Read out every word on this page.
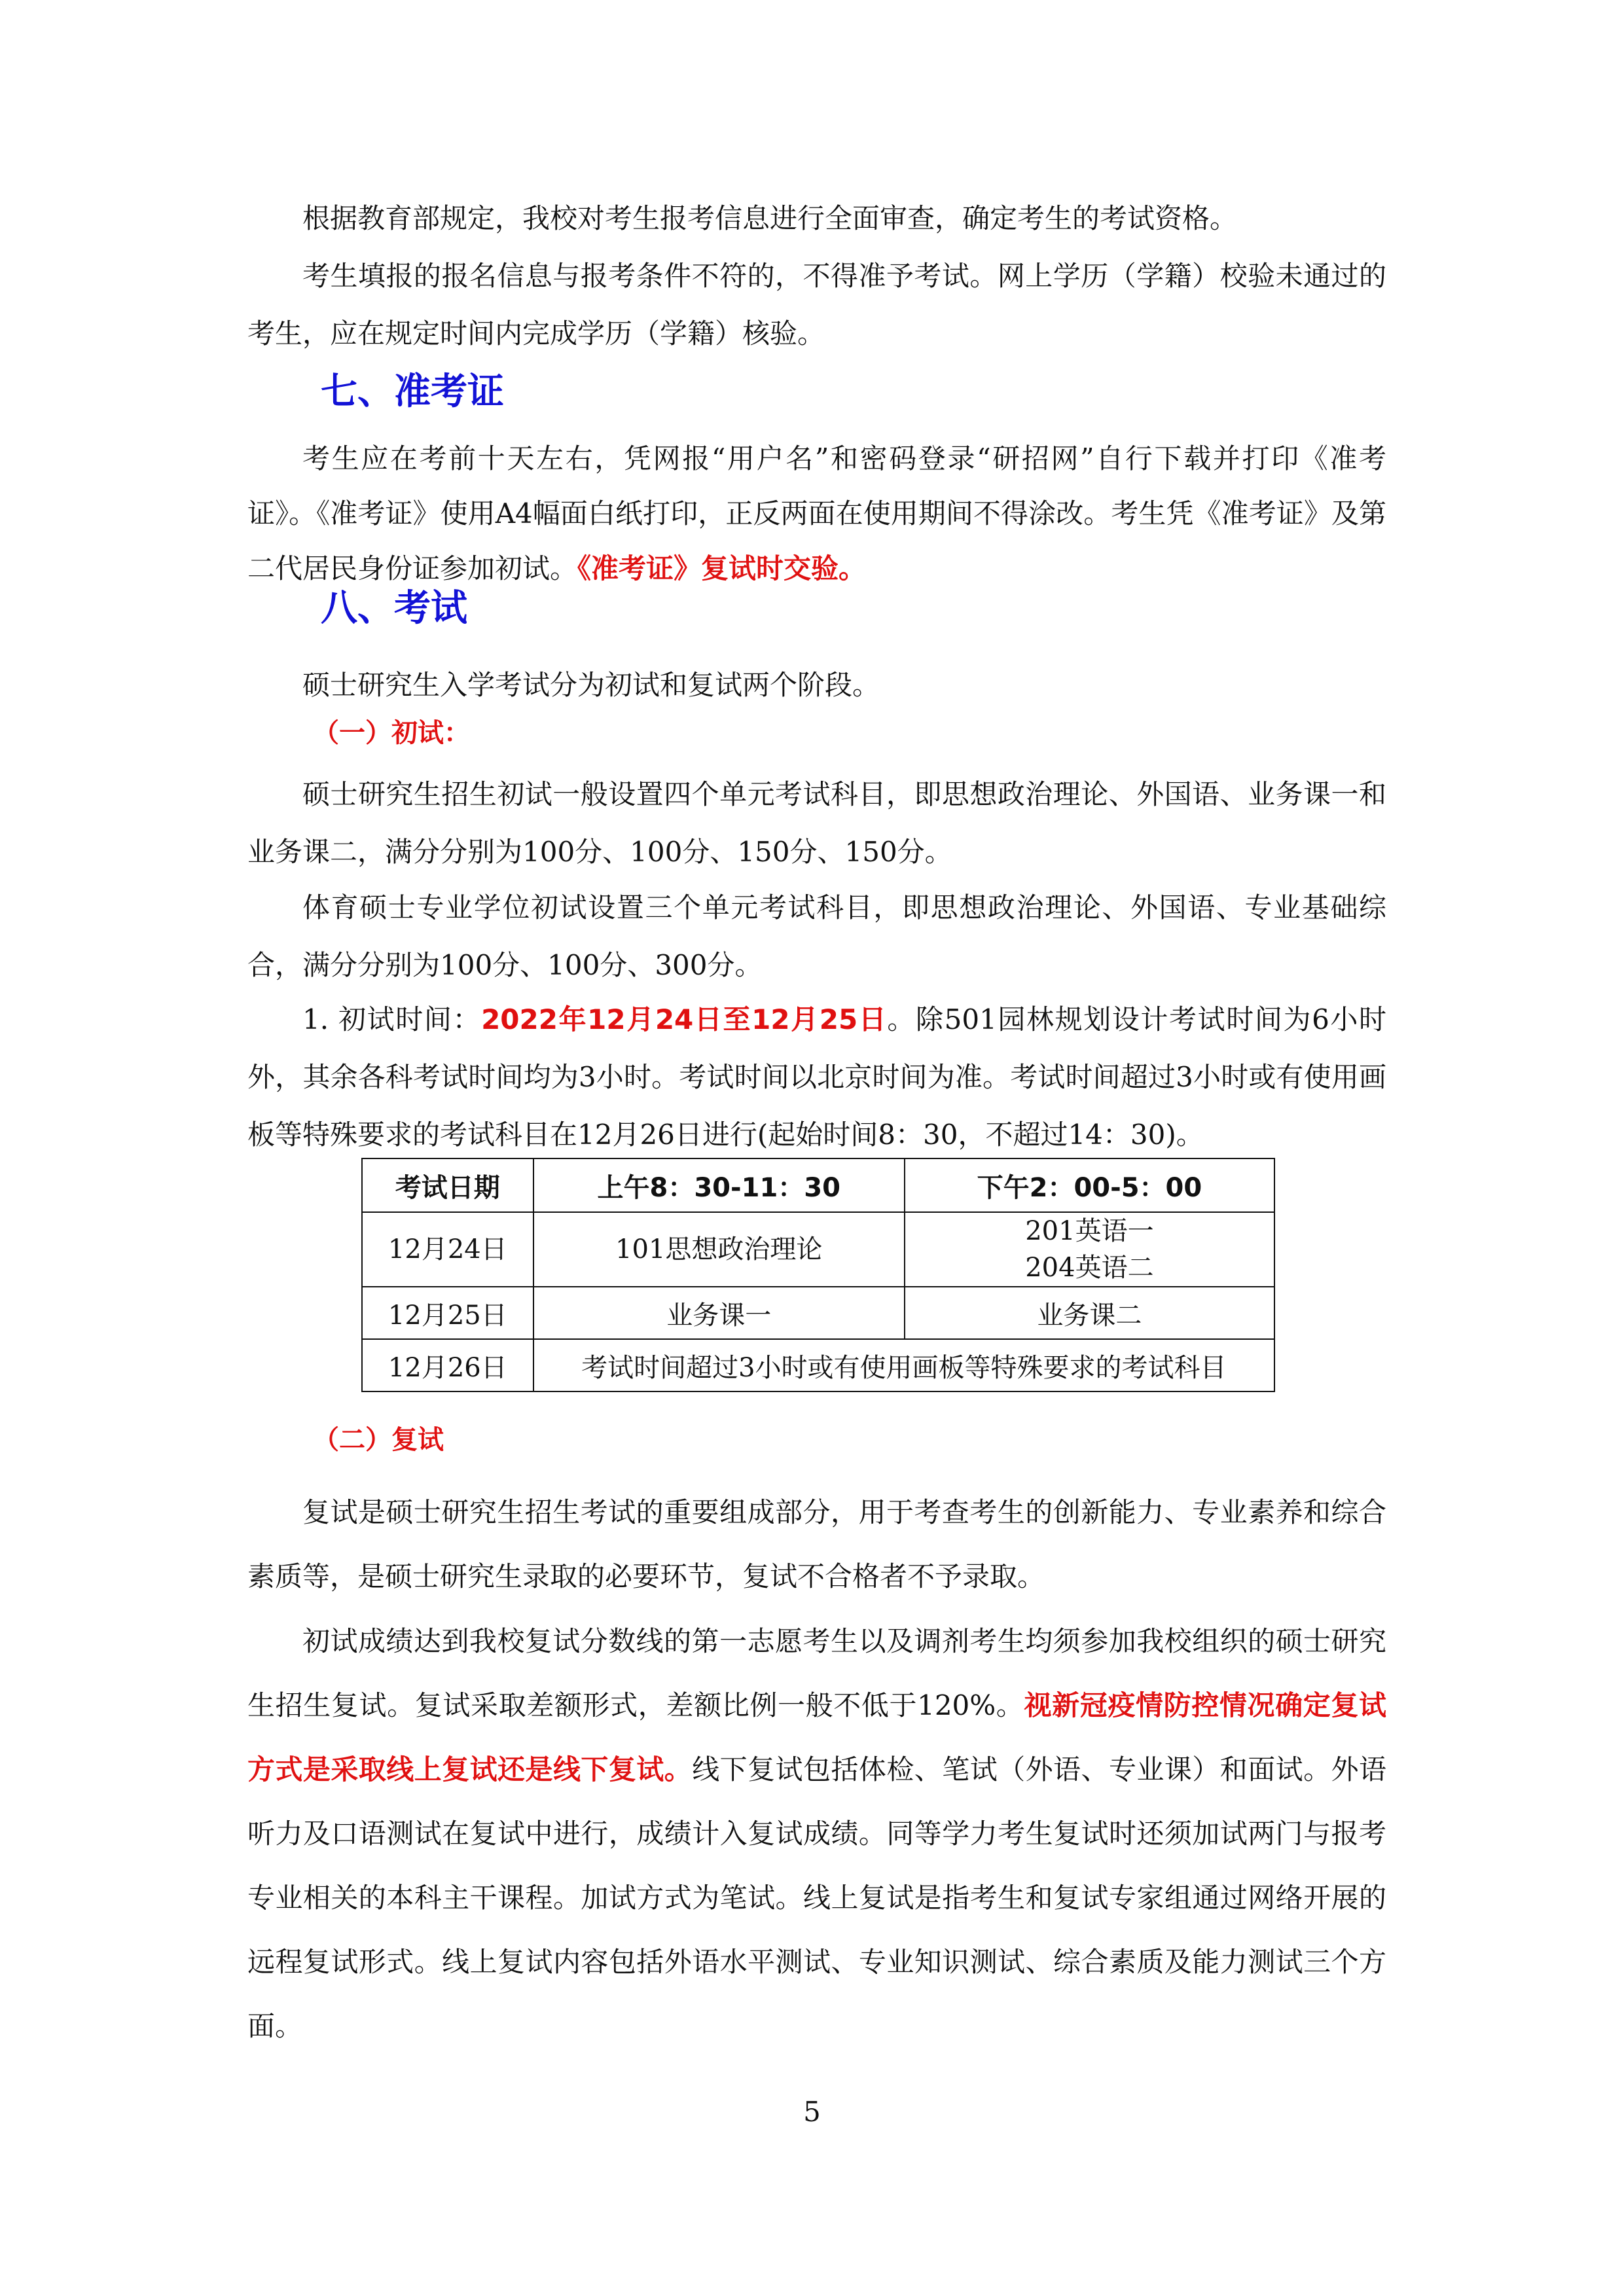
根据教育部规定，我校对考生报考信息进行全面审查，确定考生的考试资格。

考生填报的报名信息与报考条件不符的，不得准予考试。网上学历（学籍）校验未通过的考生，应在规定时间内完成学历（学籍）核验。

七、准考证

考生应在考前十天左右，凭网报“用户名”和密码登录“研招网”自行下载并打印《准考证》。《准考证》使用A4幅面白纸打印，正反两面在使用期间不得涂改。考生凭《准考证》及第二代居民身份证参加初试。《准考证》复试时交验。

八、考试

硕士研究生入学考试分为初试和复试两个阶段。

（一）初试：

硕士研究生招生初试一般设置四个单元考试科目，即思想政治理论、外国语、业务课一和业务课二，满分分别为100分、100分、150分、150分。

体育硕士专业学位初试设置三个单元考试科目，即思想政治理论、外国语、专业基础综合，满分分别为100分、100分、300分。

1. 初试时间：2022年12月24日至12月25日。除501园林规划设计考试时间为6小时外，其余各科考试时间均为3小时。考试时间以北京时间为准。考试时间超过3小时或有使用画板等特殊要求的考试科目在12月26日进行(起始时间8：30，不超过14：30)。

考试日期	上午8：30-11：30	下午2：00-5：00
12月24日	101思想政治理论	201英语一
204英语二

12月25日	业务课一	业务课二
12月26日	考试时间超过3小时或有使用画板等特殊要求的考试科目	
（二）复试

复试是硕士研究生招生考试的重要组成部分，用于考查考生的创新能力、专业素养和综合素质等，是硕士研究生录取的必要环节，复试不合格者不予录取。

初试成绩达到我校复试分数线的第一志愿考生以及调剂考生均须参加我校组织的硕士研究生招生复试。复试采取差额形式，差额比例一般不低于120%。视新冠疫情防控情况确定复试方式是采取线上复试还是线下复试。线下复试包括体检、笔试（外语、专业课）和面试。外语听力及口语测试在复试中进行，成绩计入复试成绩。同等学力考生复试时还须加试两门与报考专业相关的本科主干课程。加试方式为笔试。线上复试是指考生和复试专家组通过网络开展的远程复试形式。线上复试内容包括外语水平测试、专业知识测试、综合素质及能力测试三个方面。

5
